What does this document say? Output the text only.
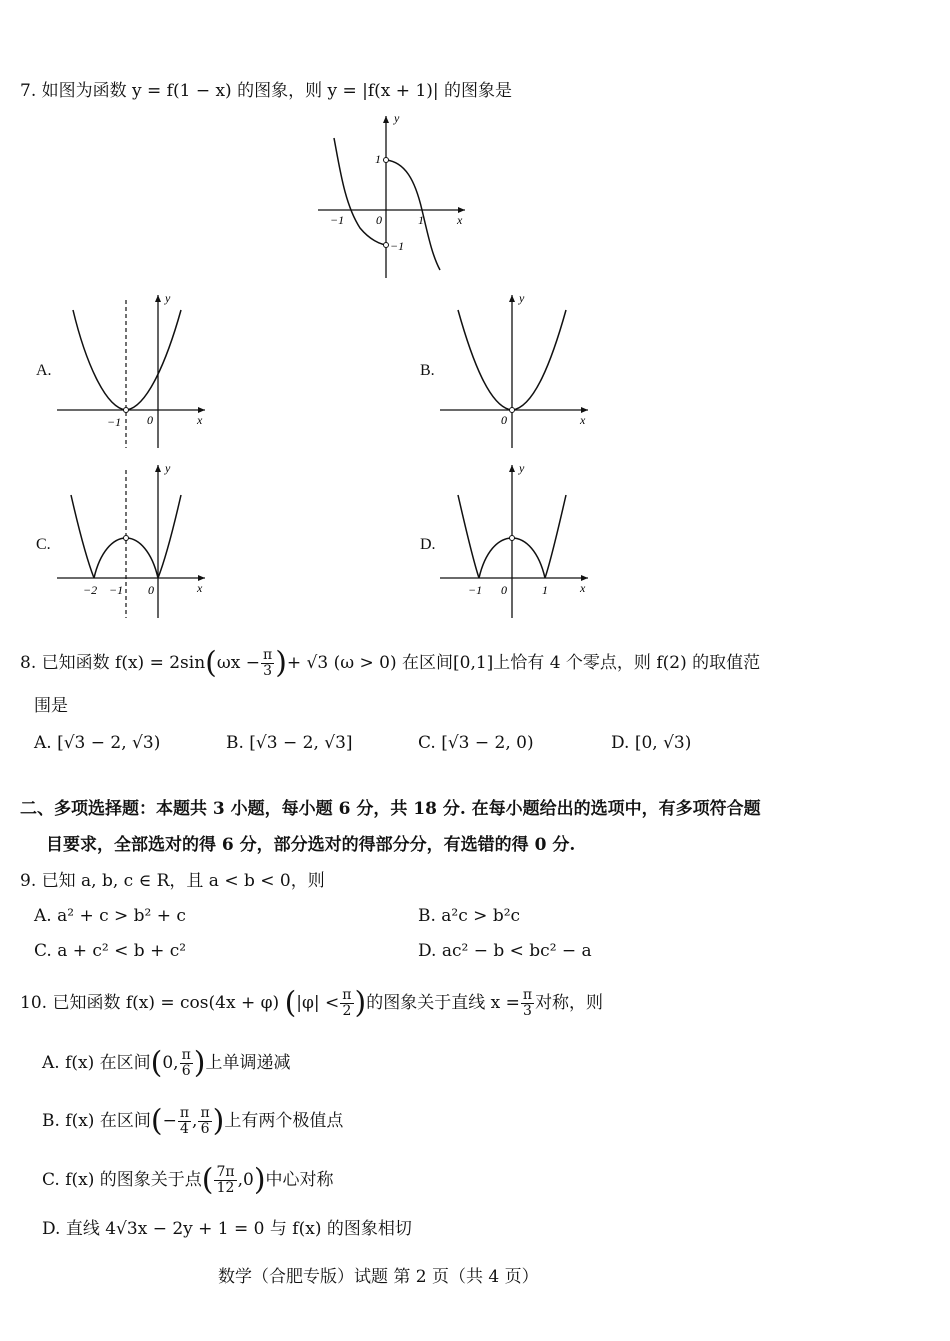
7. 如图为函数 y = f(1 − x) 的图象，则 y = |f(x + 1)| 的图象是
y
x
1
−1
0
−1	1
A.
y
x
−1 0
B.
y
x
0
C.
y
x
−2 −1 0
D.
y
x
−1 0	1
8. 已知函数 $f(x) = 2\sin(\omega x - \frac{\pi}{3}$ )+ √3 (ω > 0) 在区间[0,1]上恰有 4 个零点，则 f(2) 的取值范
围是
A. [√3 − 2, √3)	B. [√3 − 2, √3]	C. [√3 − 2, 0)	D. [0, √3)
二、多项选择题：本题共 3 小题，每小题 6 分，共 18 分. 在每小题给出的选项中，有多项符合题
目要求，全部选对的得 6 分，部分选对的得部分分，有选错的得 0 分.
9. 已知 a, b, c ∈ R，且 a < b < 0，则
A. a² + c > b² + c	B. a²c > b²c
C. a + c² < b + c²	D. ac² − b < bc² − a
10. 已知函数 f(x) = cos(4x + φ) ($|\varphi| < \frac{\pi}{2}$ )的图象关于直线 $x = \frac{\pi}{3}$ 对称，则
A. f(x) 在区间(0, $\frac{\pi}{6}$ )上单调递减
B. f(x) 在区间(− $\frac{\pi}{4}$ , $\frac{\pi}{6}$ )上有两个极值点
C. f(x) 的图象关于点( $\frac{7\pi}{12} ,0$)中心对称
D. 直线 4√3x − 2y + 1 = 0 与 f(x) 的图象相切
数学（合肥专版）试题 第 2 页（共 4 页）
